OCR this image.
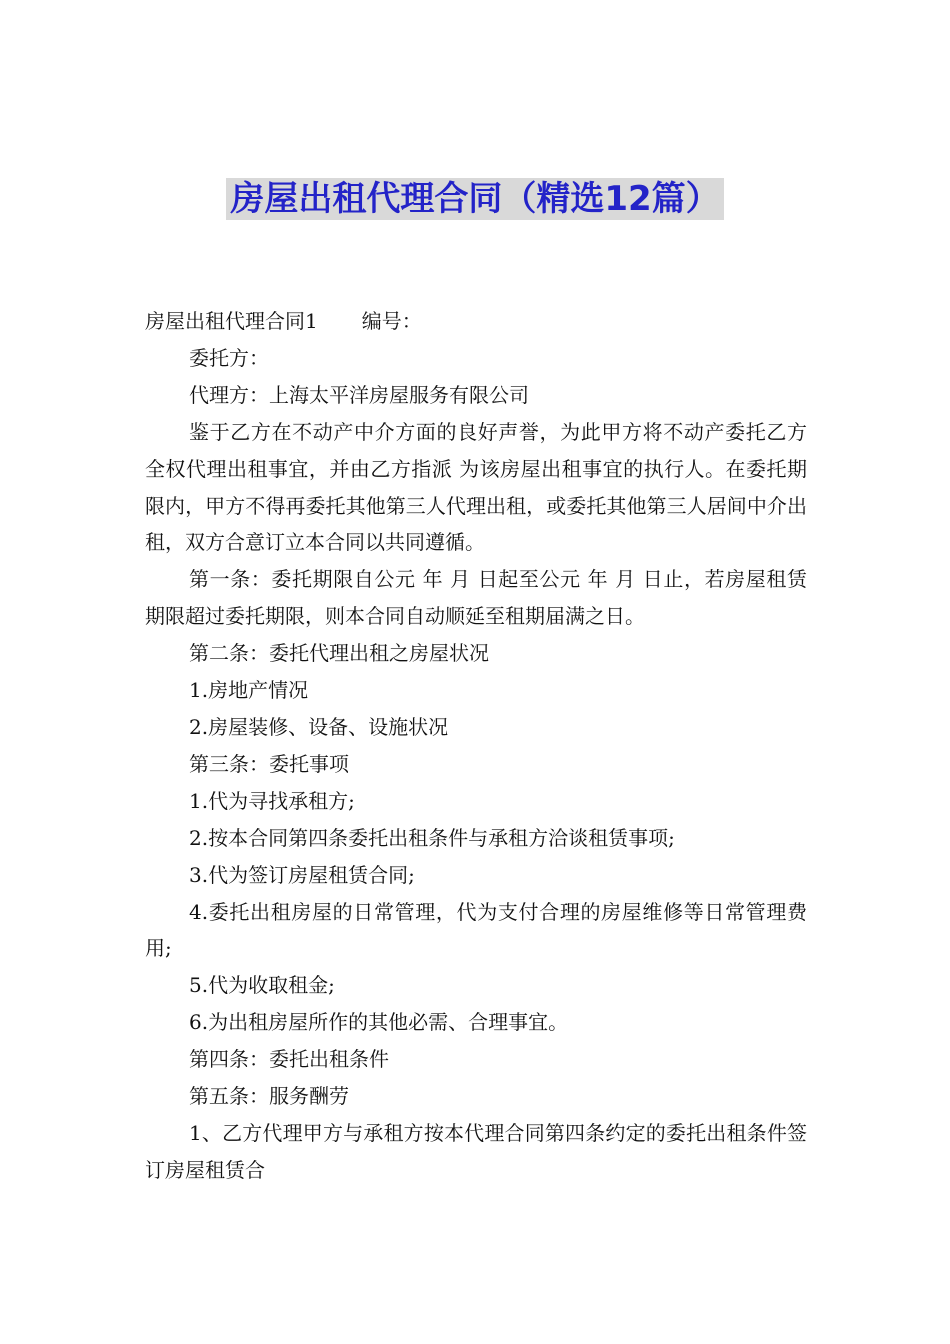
房屋出租代理合同（精选12篇）

房屋出租代理合同1 编号：

委托方：

代理方：上海太平洋房屋服务有限公司

鉴于乙方在不动产中介方面的良好声誉，为此甲方将不动产委托乙方全权代理出租事宜，并由乙方指派 为该房屋出租事宜的执行人。在委托期限内，甲方不得再委托其他第三人代理出租，或委托其他第三人居间中介出租，双方合意订立本合同以共同遵循。

第一条：委托期限自公元 年 月 日起至公元 年 月 日止，若房屋租赁期限超过委托期限，则本合同自动顺延至租期届满之日。

第二条：委托代理出租之房屋状况

1.房地产情况

2.房屋装修、设备、设施状况

第三条：委托事项

1.代为寻找承租方;

2.按本合同第四条委托出租条件与承租方洽谈租赁事项;

3.代为签订房屋租赁合同;

4.委托出租房屋的日常管理，代为支付合理的房屋维修等日常管理费用;

5.代为收取租金;

6.为出租房屋所作的其他必需、合理事宜。

第四条：委托出租条件

第五条：服务酬劳

1、乙方代理甲方与承租方按本代理合同第四条约定的委托出租条件签订房屋租赁合
